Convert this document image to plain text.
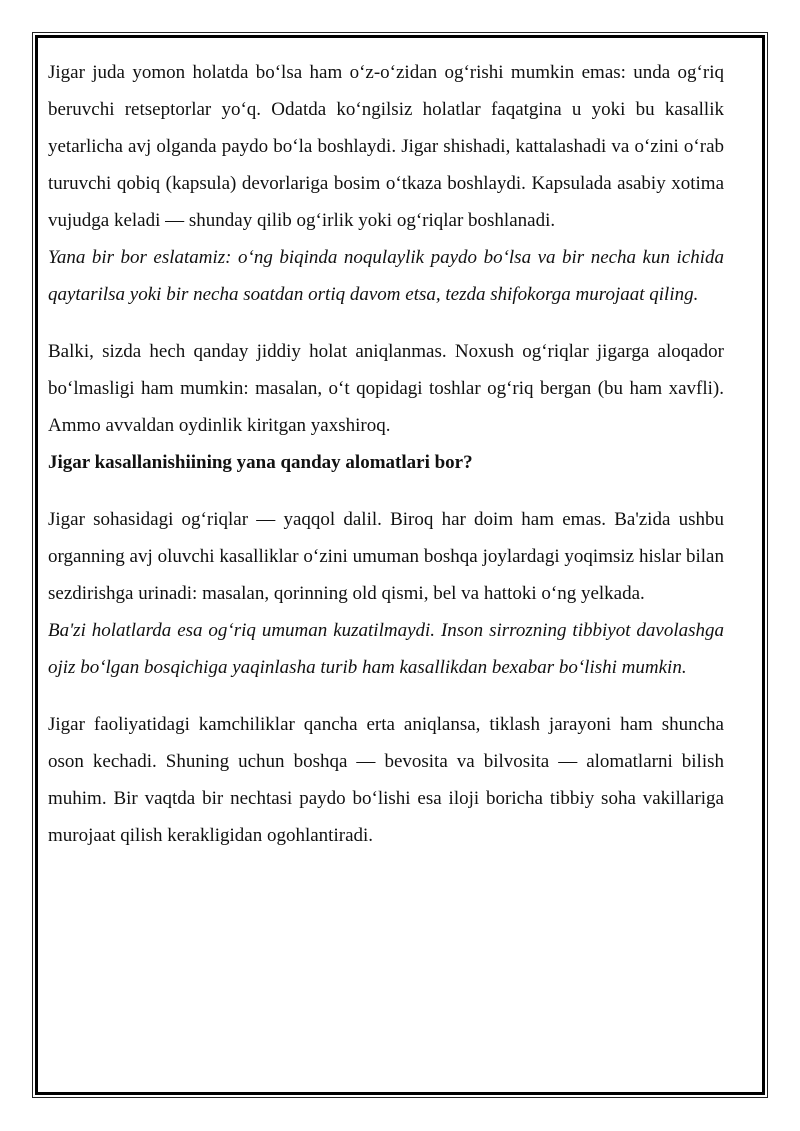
Jigar juda yomon holatda boʻlsa ham oʻz-oʻzidan ogʻrishi mumkin emas: unda ogʻriq beruvchi retseptorlar yoʻq. Odatda koʻngilsiz holatlar faqatgina u yoki bu kasallik yetarlicha avj olganda paydo boʻla boshlaydi. Jigar shishadi, kattalashadi va oʻzini oʻrab turuvchi qobiq (kapsula) devorlariga bosim oʻtkaza boshlaydi. Kapsulada asabiy xotima vujudga keladi — shunday qilib ogʻirlik yoki ogʻriqlar boshlanadi.

Yana bir bor eslatamiz: oʻng biqinda noqulaylik paydo boʻlsa va bir necha kun ichida qaytarilsa yoki bir necha soatdan ortiq davom etsa, tezda shifokorga murojaat qiling.

Balki, sizda hech qanday jiddiy holat aniqlanmas. Noxush ogʻriqlar jigarga aloqador boʻlmasligi ham mumkin: masalan, oʻt qopidagi toshlar ogʻriq bergan (bu ham xavfli). Ammo avvaldan oydinlik kiritgan yaxshiroq.

Jigar kasallanishiining yana qanday alomatlari bor?

Jigar sohasidagi ogʻriqlar — yaqqol dalil. Biroq har doim ham emas. Ba'zida ushbu organning avj oluvchi kasalliklar oʻzini umuman boshqa joylardagi yoqimsiz hislar bilan sezdirishga urinadi: masalan, qorinning old qismi, bel va hattoki oʻng yelkada.

Ba'zi holatlarda esa ogʻriq umuman kuzatilmaydi. Inson sirrozning tibbiyot davolashga ojiz boʻlgan bosqichiga yaqinlasha turib ham kasallikdan bexabar boʻlishi mumkin.

Jigar faoliyatidagi kamchiliklar qancha erta aniqlansa, tiklash jarayoni ham shuncha oson kechadi. Shuning uchun boshqa — bevosita va bilvosita — alomatlarni bilish muhim. Bir vaqtda bir nechtasi paydo boʻlishi esa iloji boricha tibbiy soha vakillariga murojaat qilish kerakligidan ogohlantiradi.
